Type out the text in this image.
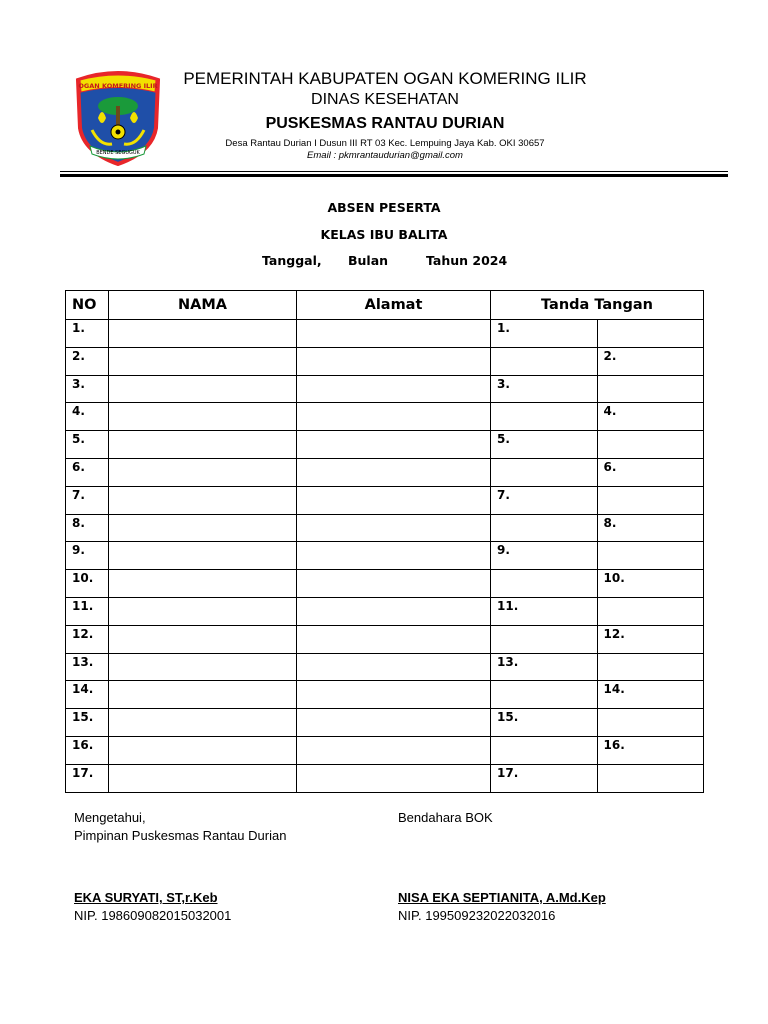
OGAN KOMERING ILIR
BENDE SEGUGUK
PEMERINTAH KABUPATEN OGAN KOMERING ILIR
DINAS KESEHATAN
PUSKESMAS RANTAU DURIAN
Desa Rantau Durian I Dusun III RT 03 Kec. Lempuing Jaya Kab. OKI 30657
Email : pkmrantaudurian@gmail.com
ABSEN PESERTA
KELAS IBU BALITA
Tanggal, Bulan	Tahun 2024
NO	NAMA	Alamat	Tanda Tangan	
1.			1.	
2.				2.
3.			3.	
4.				4.
5.			5.	
6.				6.
7.			7.	
8.				8.
9.			9.	
10.				10.
11.			11.	
12.				12.
13.			13.	
14.				14.
15.			15.	
16.				16.
17.			17.	
Mengetahui,
Pimpinan Puskesmas Rantau Durian
EKA SURYATI, ST,r.Keb
NIP. 198609082015032001
Bendahara BOK
NISA EKA SEPTIANITA, A.Md.Kep
NIP. 199509232022032016
